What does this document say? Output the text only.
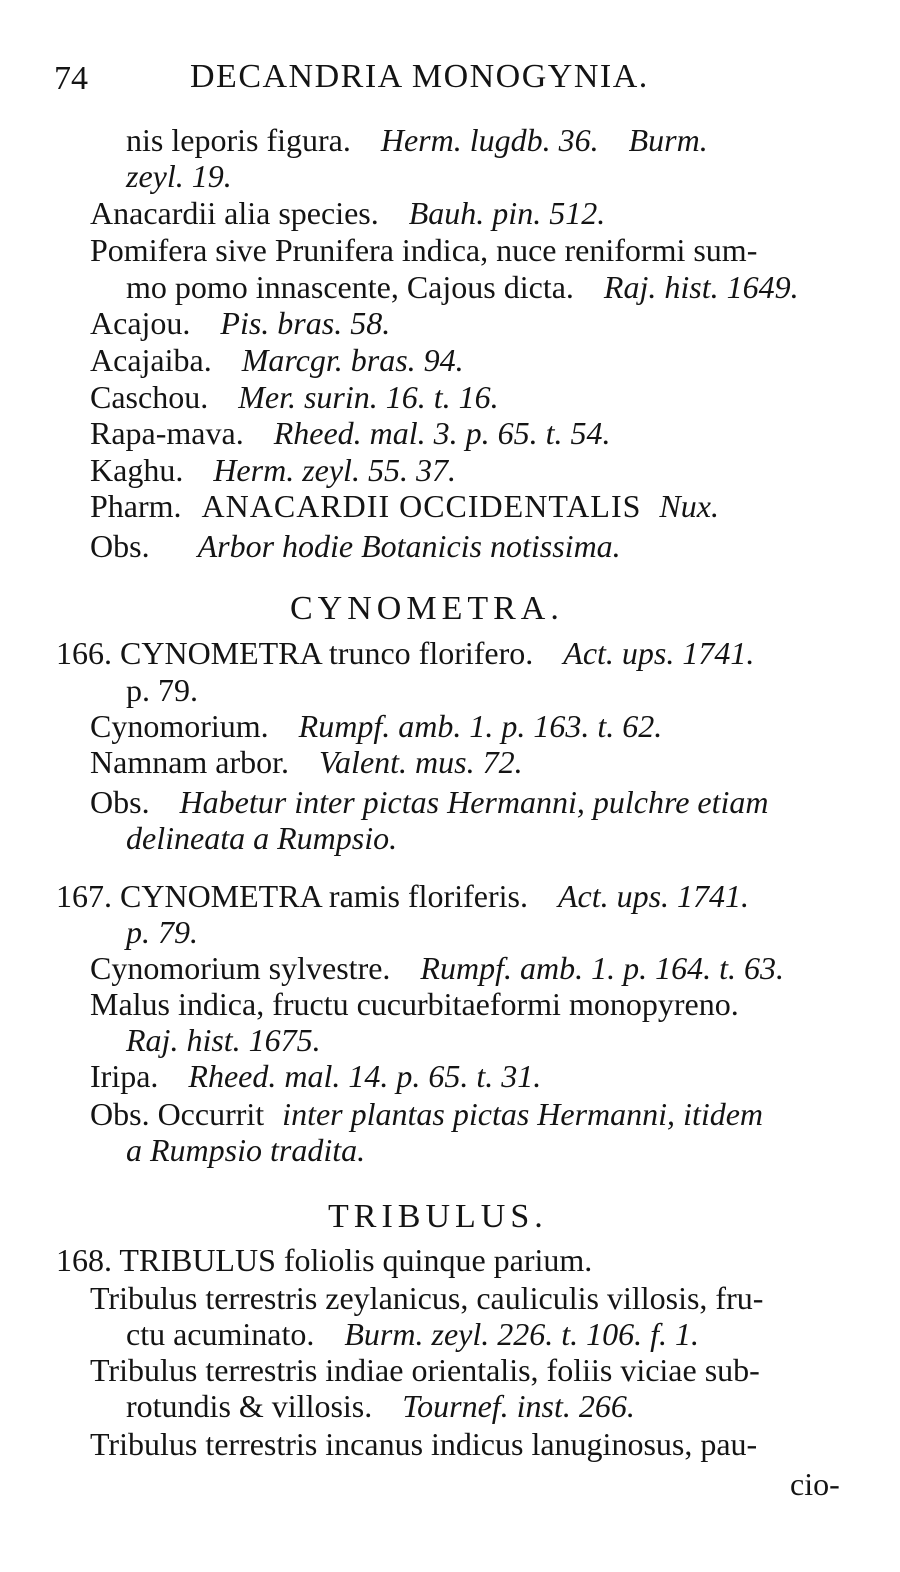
74	DECANDRIA MONOGYNIA.
nis leporis figura. Herm. lugdb. 36. Burm.
zeyl. 19.
Anacardii alia species. Bauh. pin. 512.
Pomifera sive Prunifera indica, nuce reniformi sum-
mo pomo innascente, Cajous dicta. Raj. hist. 1649.
Acajou. Pis. bras. 58.
Acajaiba. Marcgr. bras. 94.
Caschou. Mer. surin. 16. t. 16.
Rapa-mava. Rheed. mal. 3. p. 65. t. 54.
Kaghu. Herm. zeyl. 55. 37.
Pharm. ANACARDII OCCIDENTALIS Nux.
Obs. Arbor hodie Botanicis notissima.
CYNOMETRA.
166. CYNOMETRA trunco florifero. Act. ups. 1741.
p. 79.
Cynomorium. Rumpf. amb. 1. p. 163. t. 62.
Namnam arbor. Valent. mus. 72.
Obs. Habetur inter pictas Hermanni, pulchre etiam
delineata a Rumpsio.
167. CYNOMETRA ramis floriferis. Act. ups. 1741.
p. 79.
Cynomorium sylvestre. Rumpf. amb. 1. p. 164. t. 63.
Malus indica, fructu cucurbitaeformi monopyreno.
Raj. hist. 1675.
Iripa. Rheed. mal. 14. p. 65. t. 31.
Obs. Occurrit inter plantas pictas Hermanni, itidem
a Rumpsio tradita.
TRIBULUS.
168. TRIBULUS foliolis quinque parium.
Tribulus terrestris zeylanicus, cauliculis villosis, fru-
ctu acuminato. Burm. zeyl. 226. t. 106. f. 1.
Tribulus terrestris indiae orientalis, foliis viciae sub-
rotundis & villosis. Tournef. inst. 266.
Tribulus terrestris incanus indicus lanuginosus, pau-
cio-
